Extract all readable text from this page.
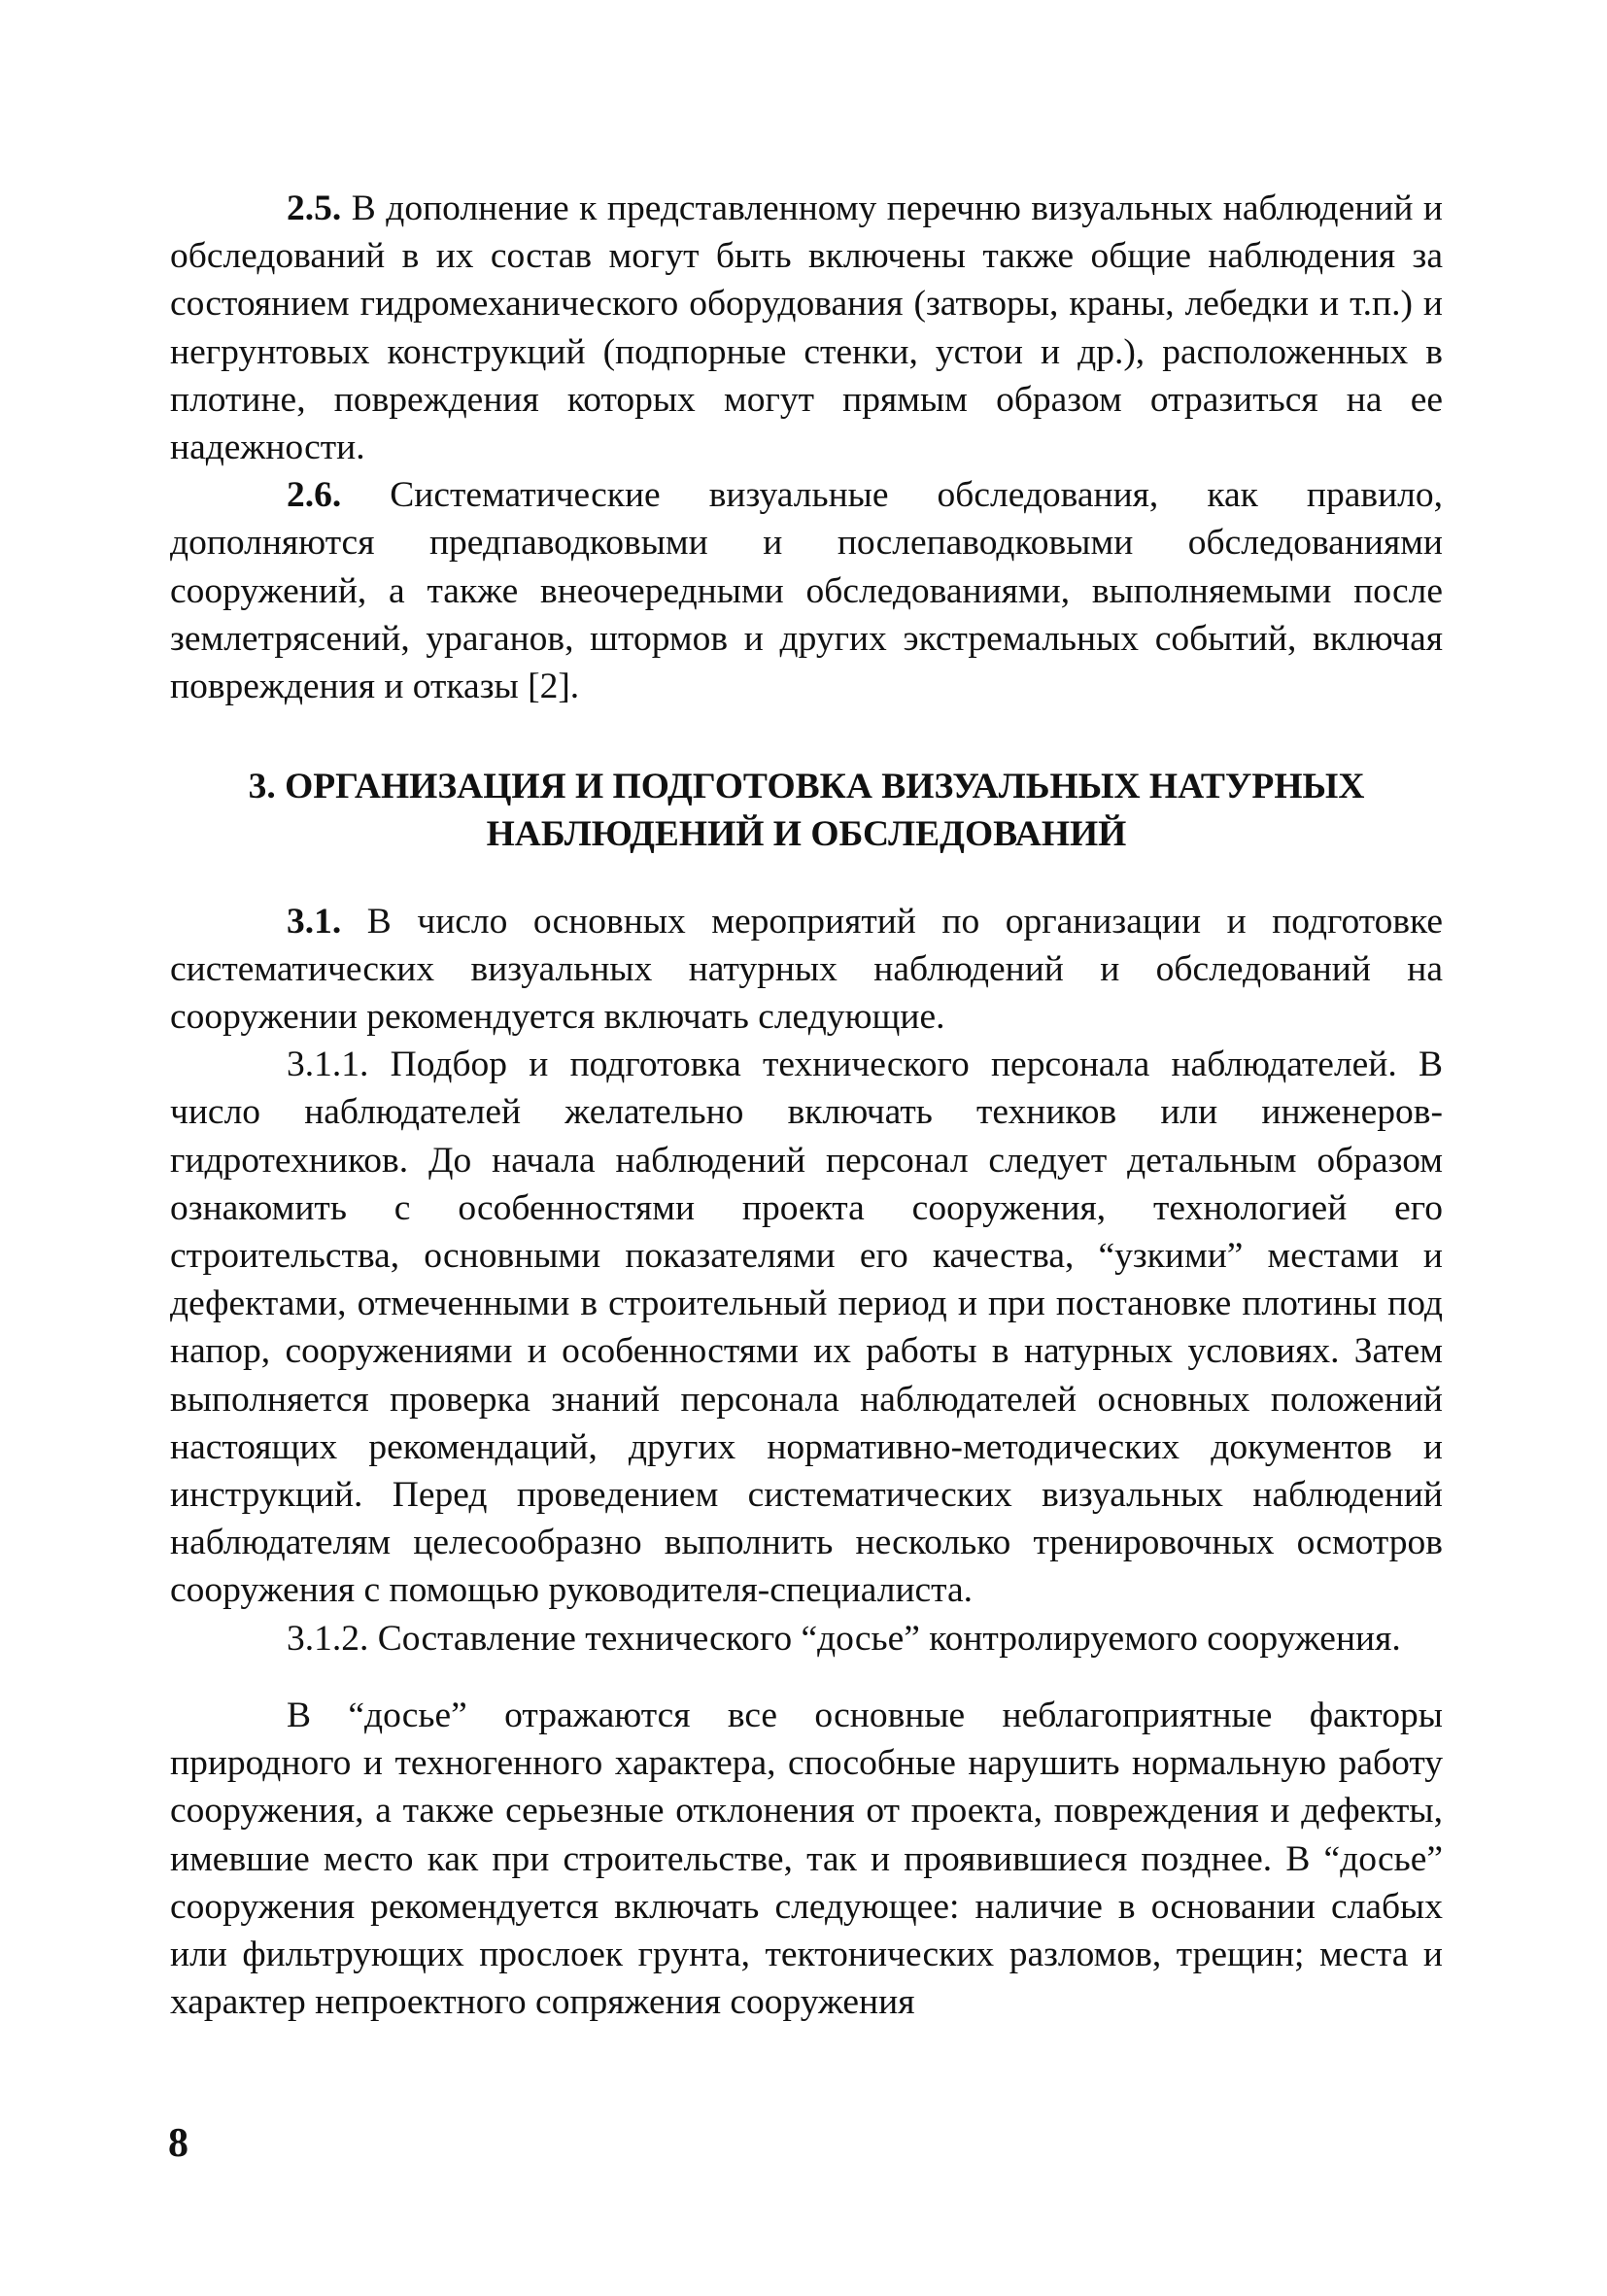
2.5. В дополнение к представленному перечню визуальных наблюдений и обследований в их состав могут быть включены также общие наблюдения за состоянием гидромеханического оборудования (затворы, краны, лебедки и т.п.) и негрунтовых конструкций (подпорные стенки, устои и др.), расположенных в плотине, повреждения которых могут прямым образом отразиться на ее надежности.

2.6. Систематические визуальные обследования, как правило, дополняются предпаводковыми и послепаводковыми обследованиями сооружений, а также внеочередными обследованиями, выполняемыми после землетрясений, ураганов, штормов и других экстремальных событий, включая повреждения и отказы [2].

3. ОРГАНИЗАЦИЯ И ПОДГОТОВКА ВИЗУАЛЬНЫХ НАТУРНЫХ
НАБЛЮДЕНИЙ И ОБСЛЕДОВАНИЙ

3.1. В число основных мероприятий по организации и подготовке систематических визуальных натурных наблюдений и обследований на сооружении рекомендуется включать следующие.

3.1.1. Подбор и подготовка технического персонала наблюдателей. В число наблюдателей желательно включать техников или инженеров-гидротехников. До начала наблюдений персонал следует детальным образом ознакомить с особенностями проекта сооружения, технологией его строительства, основными показателями его качества, “узкими” местами и дефектами, отмеченными в строительный период и при постановке плотины под напор, сооружениями и особенностями их работы в натурных условиях. Затем выполняется проверка знаний персонала наблюдателей основных положений настоящих рекомендаций, других нормативно-методических документов и инструкций. Перед проведением систематических визуальных наблюдений наблюдателям целесообразно выполнить несколько тренировочных осмотров сооружения с помощью руководителя-специалиста.

3.1.2. Составление технического “досье” контролируемого сооружения.

В “досье” отражаются все основные неблагоприятные факторы природного и техногенного характера, способные нарушить нормальную работу сооружения, а также серьезные отклонения от проекта, повреждения и дефекты, имевшие место как при строительстве, так и проявившиеся позднее. В “досье” сооружения рекомендуется включать следующее: наличие в основании слабых или фильтрующих прослоек грунта, тектонических разломов, трещин; места и характер непроектного сопряжения сооружения

8
